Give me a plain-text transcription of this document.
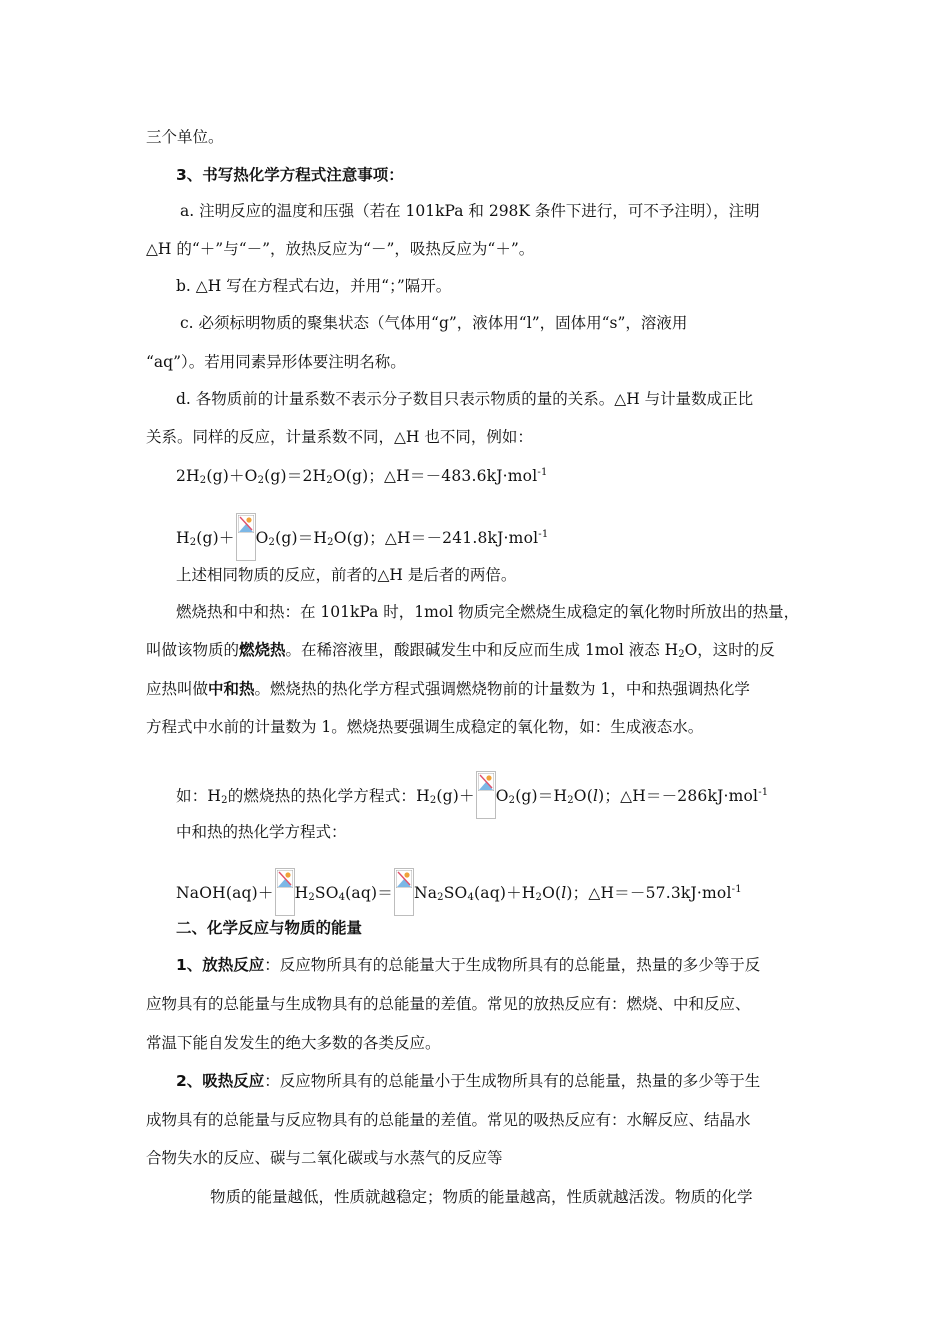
三个单位。
3、书写热化学方程式注意事项：
a. 注明反应的温度和压强（若在 101kPa 和 298K 条件下进行，可不予注明），注明
△H 的“＋”与“－”，放热反应为“－”，吸热反应为“＋”。
b. △H 写在方程式右边，并用“；”隔开。
c. 必须标明物质的聚集状态（气体用“g”，液体用“l”，固体用“s”，溶液用
“aq”）。若用同素异形体要注明名称。
d. 各物质前的计量系数不表示分子数目只表示物质的量的关系。△H 与计量数成正比
关系。同样的反应，计量系数不同，△H 也不同，例如：
$2H_2(g)+O_2(g)=2H_2O(g)$；△H＝－483.6kJ·mol$^{-1}$
$H_2(g)+ O_2(g)=H_2O(g)$；△H＝－241.8kJ·mol$^{-1}$
上述相同物质的反应，前者的△H 是后者的两倍。
燃烧热和中和热：在 101kPa 时，1mol 物质完全燃烧生成稳定的氧化物时所放出的热量，
叫做该物质的燃烧热。在稀溶液里，酸跟碱发生中和反应而生成 1mol 液态 $H_2O$，这时的反
应热叫做中和热。燃烧热的热化学方程式强调燃烧物前的计量数为 1，中和热强调热化学
方程式中水前的计量数为 1。燃烧热要强调生成稳定的氧化物，如：生成液态水。
如：$H_2$的燃烧热的热化学方程式：$H_2(g)+ O_2(g)=H_2O(l)$；△H＝－286kJ·mol$^{-1}$
中和热的热化学方程式：
NaOH(aq)＋ $H_2SO_4(aq)= Na_2SO_4(aq)+H_2O(l)$；△H＝－57.3kJ·mol$^{-1}$
二、化学反应与物质的能量
1、放热反应：反应物所具有的总能量大于生成物所具有的总能量，热量的多少等于反
应物具有的总能量与生成物具有的总能量的差值。常见的放热反应有：燃烧、中和反应、
常温下能自发发生的绝大多数的各类反应。
2、吸热反应：反应物所具有的总能量小于生成物所具有的总能量，热量的多少等于生
成物具有的总能量与反应物具有的总能量的差值。常见的吸热反应有：水解反应、结晶水
合物失水的反应、碳与二氧化碳或与水蒸气的反应等
物质的能量越低，性质就越稳定；物质的能量越高，性质就越活泼。物质的化学
